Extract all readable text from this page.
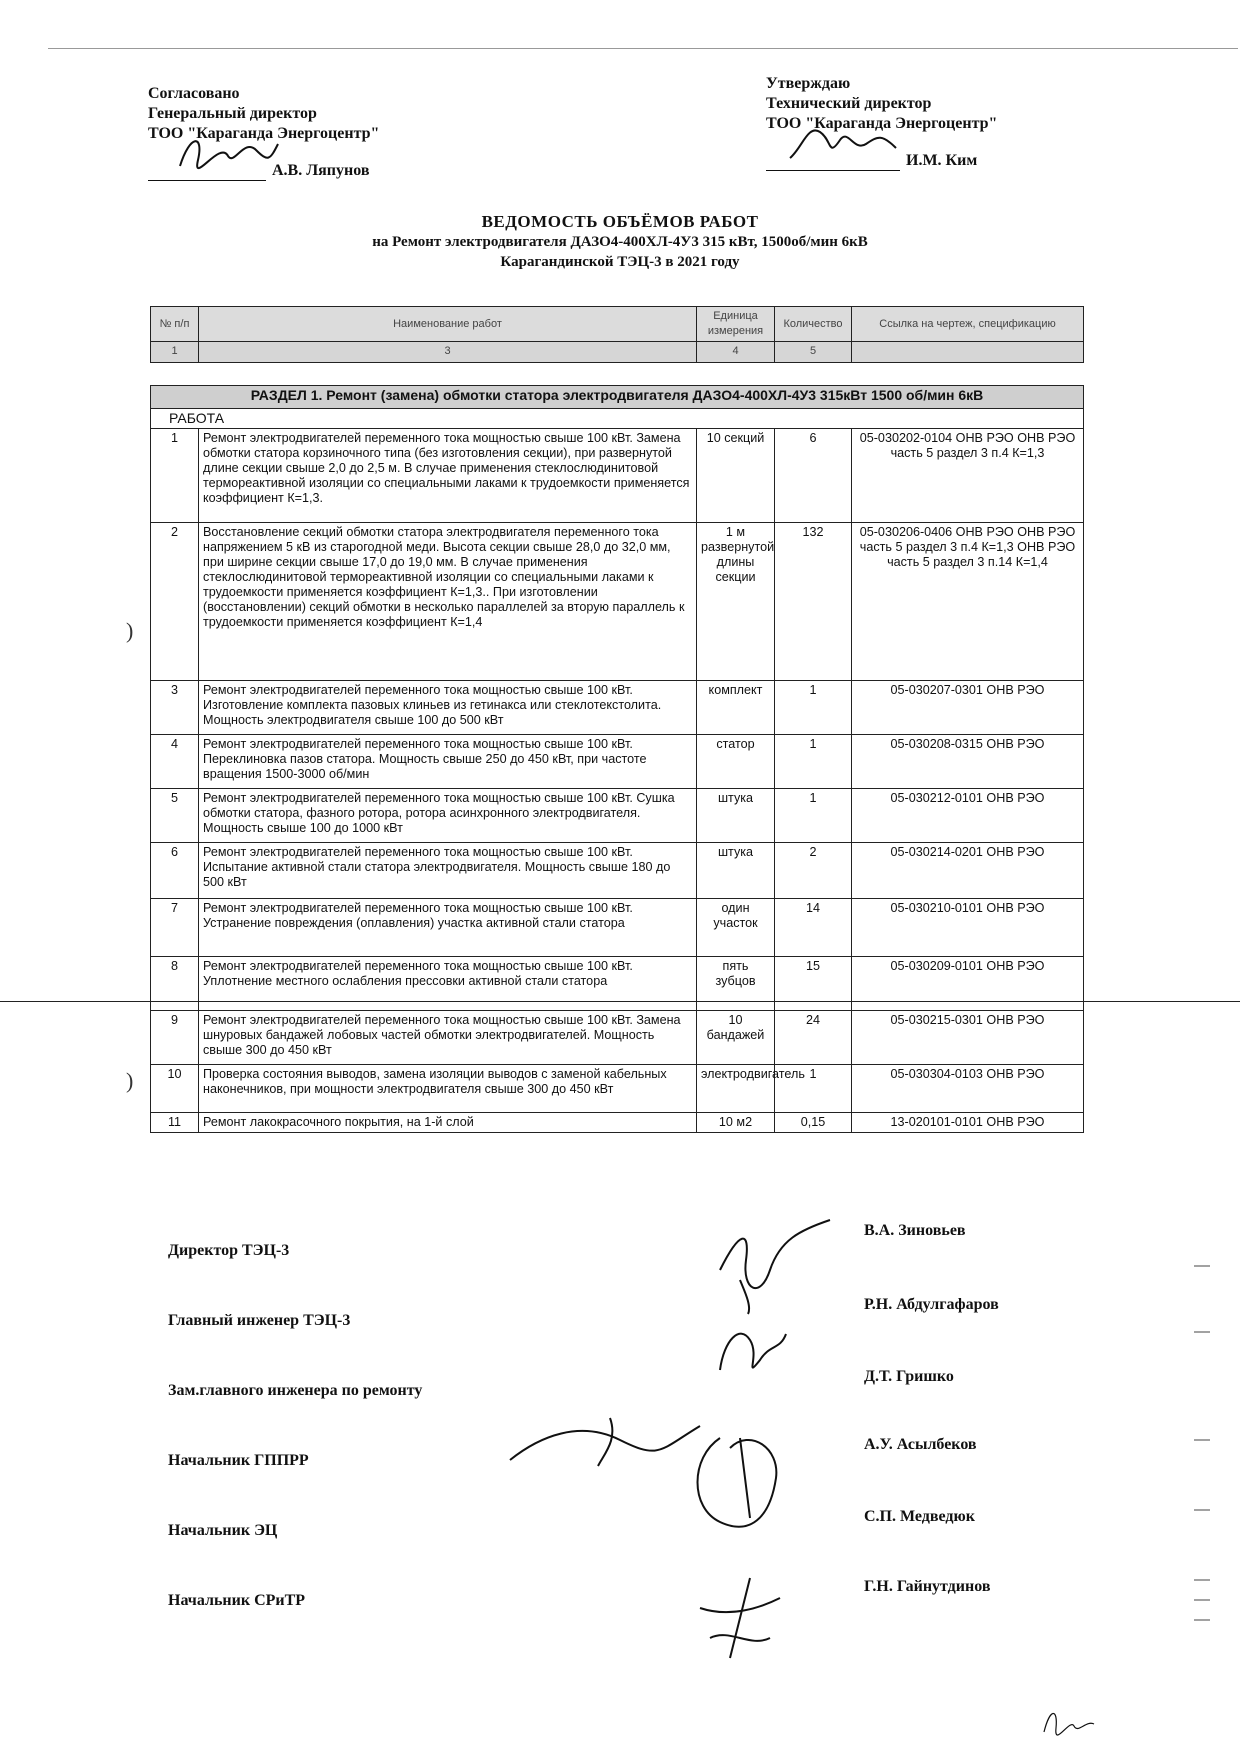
Согласовано
Генеральный директор
ТОО "Караганда Энергоцентр"
А.В. Ляпунов
Утверждаю
Технический директор
ТОО "Караганда Энергоцентр"
И.М. Ким
ВЕДОМОСТЬ ОБЪЁМОВ РАБОТ
на Ремонт электродвигателя ДАЗО4-400ХЛ-4У3 315 кВт, 1500об/мин 6кВ
Карагандинской ТЭЦ-3 в 2021 году
№ п/п	Наименование работ	Единица измерения	Количество	Ссылка на чертеж, спецификацию
1	3	4	5	

РАЗДЕЛ 1. Ремонт (замена) обмотки статора электродвигателя ДАЗО4-400ХЛ-4У3 315кВт 1500 об/мин 6кВ				
РАБОТА				
1	Ремонт электродвигателей переменного тока мощностью свыше 100 кВт. Замена обмотки статора корзиночного типа (без изготовления секции), при развернутой длине секции свыше 2,0 до 2,5 м. В случае применения стеклослюдинитовой термореактивной изоляции со специальными лаками к трудоемкости применяется коэффициент К=1,3.	10 секций	6	05-030202-0104 ОНВ РЭО ОНВ РЭО часть 5 раздел 3 п.4 К=1,3
2	Восстановление секций обмотки статора электродвигателя переменного тока напряжением 5 кВ из старогодной меди. Высота секции свыше 28,0 до 32,0 мм, при ширине секции свыше 17,0 до 19,0 мм. В случае применения стеклослюдинитовой термореактивной изоляции со специальными лаками к трудоемкости применяется коэффициент К=1,3.. При изготовлении (восстановлении) секций обмотки в несколько параллелей за вторую параллель к трудоемкости применяется коэффициент К=1,4	1 м развернутой длины секции	132	05-030206-0406 ОНВ РЭО ОНВ РЭО часть 5 раздел 3 п.4 К=1,3 ОНВ РЭО часть 5 раздел 3 п.14 К=1,4
3	Ремонт электродвигателей переменного тока мощностью свыше 100 кВт. Изготовление комплекта пазовых клиньев из гетинакса или стеклотекстолита. Мощность электродвигателя свыше 100 до 500 кВт	комплект	1	05-030207-0301 ОНВ РЭО
4	Ремонт электродвигателей переменного тока мощностью свыше 100 кВт. Переклиновка пазов статора. Мощность свыше 250 до 450 кВт, при частоте вращения 1500-3000 об/мин	статор	1	05-030208-0315 ОНВ РЭО
5	Ремонт электродвигателей переменного тока мощностью свыше 100 кВт. Сушка обмотки статора, фазного ротора, ротора асинхронного электродвигателя. Мощность свыше 100 до 1000 кВт	штука	1	05-030212-0101 ОНВ РЭО
6	Ремонт электродвигателей переменного тока мощностью свыше 100 кВт. Испытание активной стали статора электродвигателя. Мощность свыше 180 до 500 кВт	штука	2	05-030214-0201 ОНВ РЭО
7	Ремонт электродвигателей переменного тока мощностью свыше 100 кВт. Устранение повреждения (оплавления) участка активной стали статора	один участок	14	05-030210-0101 ОНВ РЭО
8	Ремонт электродвигателей переменного тока мощностью свыше 100 кВт. Уплотнение местного ослабления прессовки активной стали статора	пять зубцов	15	05-030209-0101 ОНВ РЭО
9	Ремонт электродвигателей переменного тока мощностью свыше 100 кВт. Замена шнуровых бандажей лобовых частей обмотки электродвигателей. Мощность свыше 300 до 450 кВт	10 бандажей	24	05-030215-0301 ОНВ РЭО
10	Проверка состояния выводов, замена изоляции выводов с заменой кабельных наконечников, при мощности электродвигателя свыше 300 до 450 кВт	электродвигатель	1	05-030304-0103 ОНВ РЭО
11	Ремонт лакокрасочного покрытия, на 1-й слой	10 м2	0,15	13-020101-0101 ОНВ РЭО
)
)
Директор ТЭЦ-3
В.А. Зиновьев
Главный инженер ТЭЦ-3
Р.Н. Абдулгафаров
Зам.главного инженера по ремонту
Д.Т. Гришко
Начальник ГППРР
А.У. Асылбеков
Начальник ЭЦ
С.П. Медведюк
Начальник СРиТР
Г.Н. Гайнутдинов
